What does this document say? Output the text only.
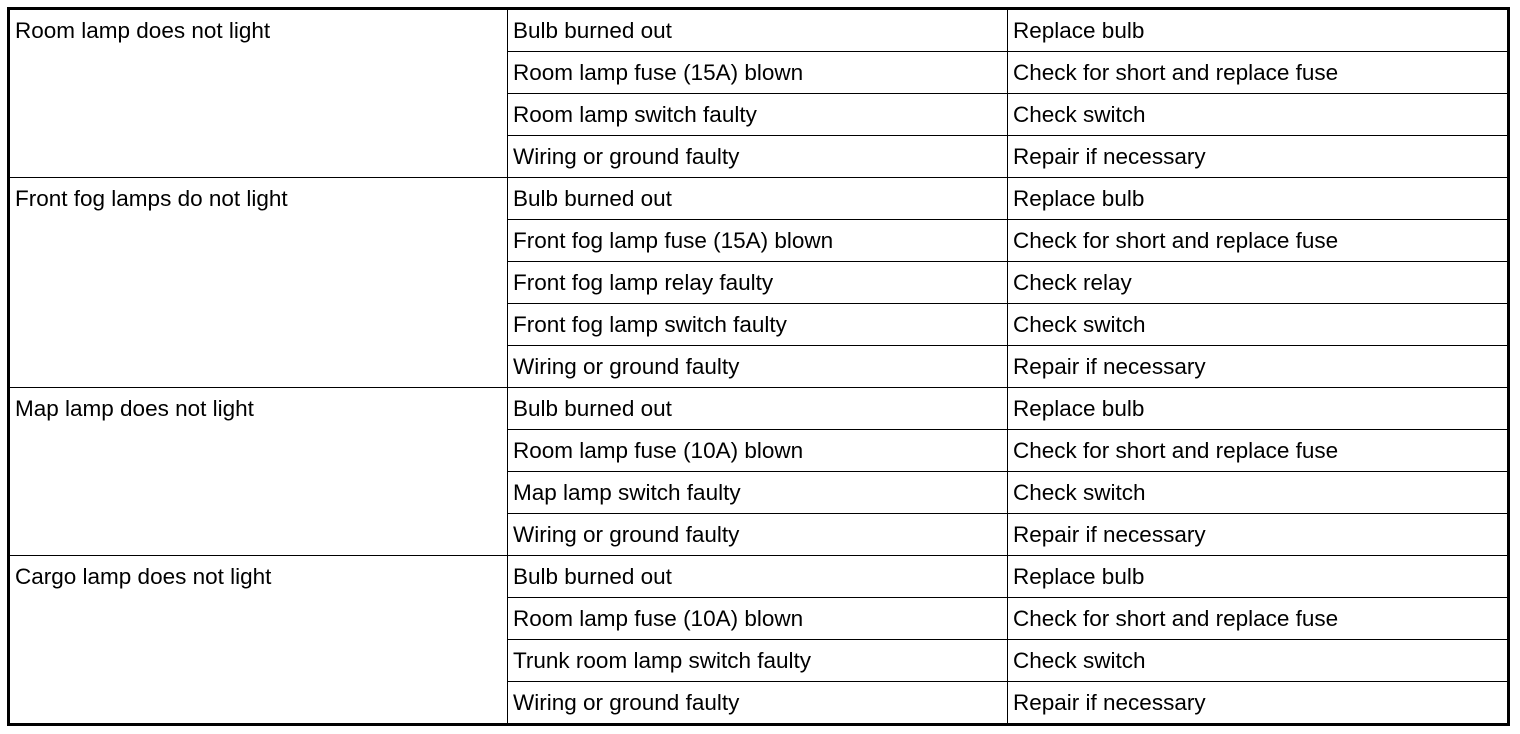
Room lamp does not light	Bulb burned out	Replace bulb
	Room lamp fuse (15A) blown	Check for short and replace fuse
	Room lamp switch faulty	Check switch
	Wiring or ground faulty	Repair if necessary
Front fog lamps do not light	Bulb burned out	Replace bulb
	Front fog lamp fuse (15A) blown	Check for short and replace fuse
	Front fog lamp relay faulty	Check relay
	Front fog lamp switch faulty	Check switch
	Wiring or ground faulty	Repair if necessary
Map lamp does not light	Bulb burned out	Replace bulb
	Room lamp fuse (10A) blown	Check for short and replace fuse
	Map lamp switch faulty	Check switch
	Wiring or ground faulty	Repair if necessary
Cargo lamp does not light	Bulb burned out	Replace bulb
	Room lamp fuse (10A) blown	Check for short and replace fuse
	Trunk room lamp switch faulty	Check switch
	Wiring or ground faulty	Repair if necessary
